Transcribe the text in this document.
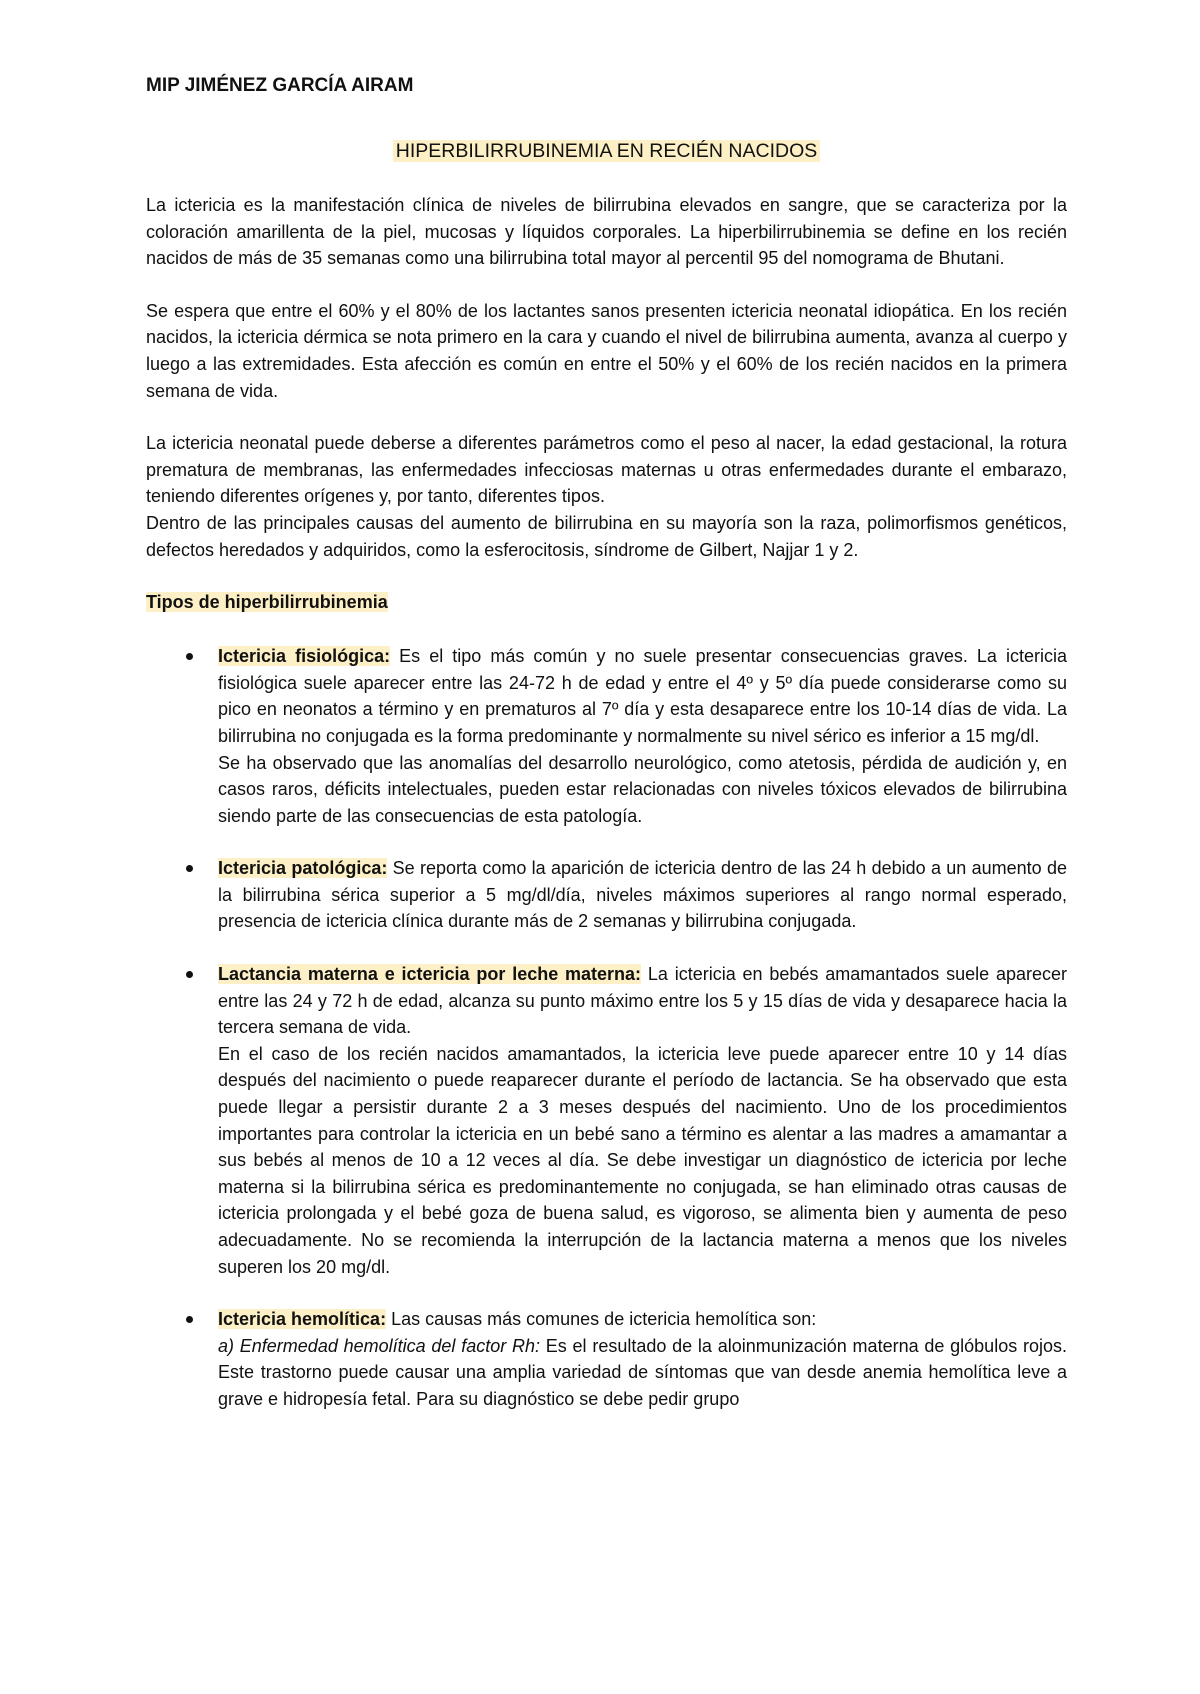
MIP JIMÉNEZ GARCÍA AIRAM

HIPERBILIRRUBINEMIA EN RECIÉN NACIDOS

La ictericia es la manifestación clínica de niveles de bilirrubina elevados en sangre, que se caracteriza por la coloración amarillenta de la piel, mucosas y líquidos corporales. La hiperbilirrubinemia se define en los recién nacidos de más de 35 semanas como una bilirrubina total mayor al percentil 95 del nomograma de Bhutani.

Se espera que entre el 60% y el 80% de los lactantes sanos presenten ictericia neonatal idiopática. En los recién nacidos, la ictericia dérmica se nota primero en la cara y cuando el nivel de bilirrubina aumenta, avanza al cuerpo y luego a las extremidades. Esta afección es común en entre el 50% y el 60% de los recién nacidos en la primera semana de vida.

La ictericia neonatal puede deberse a diferentes parámetros como el peso al nacer, la edad gestacional, la rotura prematura de membranas, las enfermedades infecciosas maternas u otras enfermedades durante el embarazo, teniendo diferentes orígenes y, por tanto, diferentes tipos.

Dentro de las principales causas del aumento de bilirrubina en su mayoría son la raza, polimorfismos genéticos, defectos heredados y adquiridos, como la esferocitosis, síndrome de Gilbert, Najjar 1 y 2.

Tipos de hiperbilirrubinemia

Ictericia fisiológica: Es el tipo más común y no suele presentar consecuencias graves. La ictericia fisiológica suele aparecer entre las 24-72 h de edad y entre el 4º y 5º día puede considerarse como su pico en neonatos a término y en prematuros al 7º día y esta desaparece entre los 10-14 días de vida. La bilirrubina no conjugada es la forma predominante y normalmente su nivel sérico es inferior a 15 mg/dl.

Se ha observado que las anomalías del desarrollo neurológico, como atetosis, pérdida de audición y, en casos raros, déficits intelectuales, pueden estar relacionadas con niveles tóxicos elevados de bilirrubina siendo parte de las consecuencias de esta patología.

Ictericia patológica: Se reporta como la aparición de ictericia dentro de las 24 h debido a un aumento de la bilirrubina sérica superior a 5 mg/dl/día, niveles máximos superiores al rango normal esperado, presencia de ictericia clínica durante más de 2 semanas y bilirrubina conjugada.

Lactancia materna e ictericia por leche materna: La ictericia en bebés amamantados suele aparecer entre las 24 y 72 h de edad, alcanza su punto máximo entre los 5 y 15 días de vida y desaparece hacia la tercera semana de vida.

En el caso de los recién nacidos amamantados, la ictericia leve puede aparecer entre 10 y 14 días después del nacimiento o puede reaparecer durante el período de lactancia. Se ha observado que esta puede llegar a persistir durante 2 a 3 meses después del nacimiento. Uno de los procedimientos importantes para controlar la ictericia en un bebé sano a término es alentar a las madres a amamantar a sus bebés al menos de 10 a 12 veces al día. Se debe investigar un diagnóstico de ictericia por leche materna si la bilirrubina sérica es predominantemente no conjugada, se han eliminado otras causas de ictericia prolongada y el bebé goza de buena salud, es vigoroso, se alimenta bien y aumenta de peso adecuadamente. No se recomienda la interrupción de la lactancia materna a menos que los niveles superen los 20 mg/dl.

Ictericia hemolítica: Las causas más comunes de ictericia hemolítica son:

a) Enfermedad hemolítica del factor Rh: Es el resultado de la aloinmunización materna de glóbulos rojos. Este trastorno puede causar una amplia variedad de síntomas que van desde anemia hemolítica leve a grave e hidropesía fetal. Para su diagnóstico se debe pedir grupo
